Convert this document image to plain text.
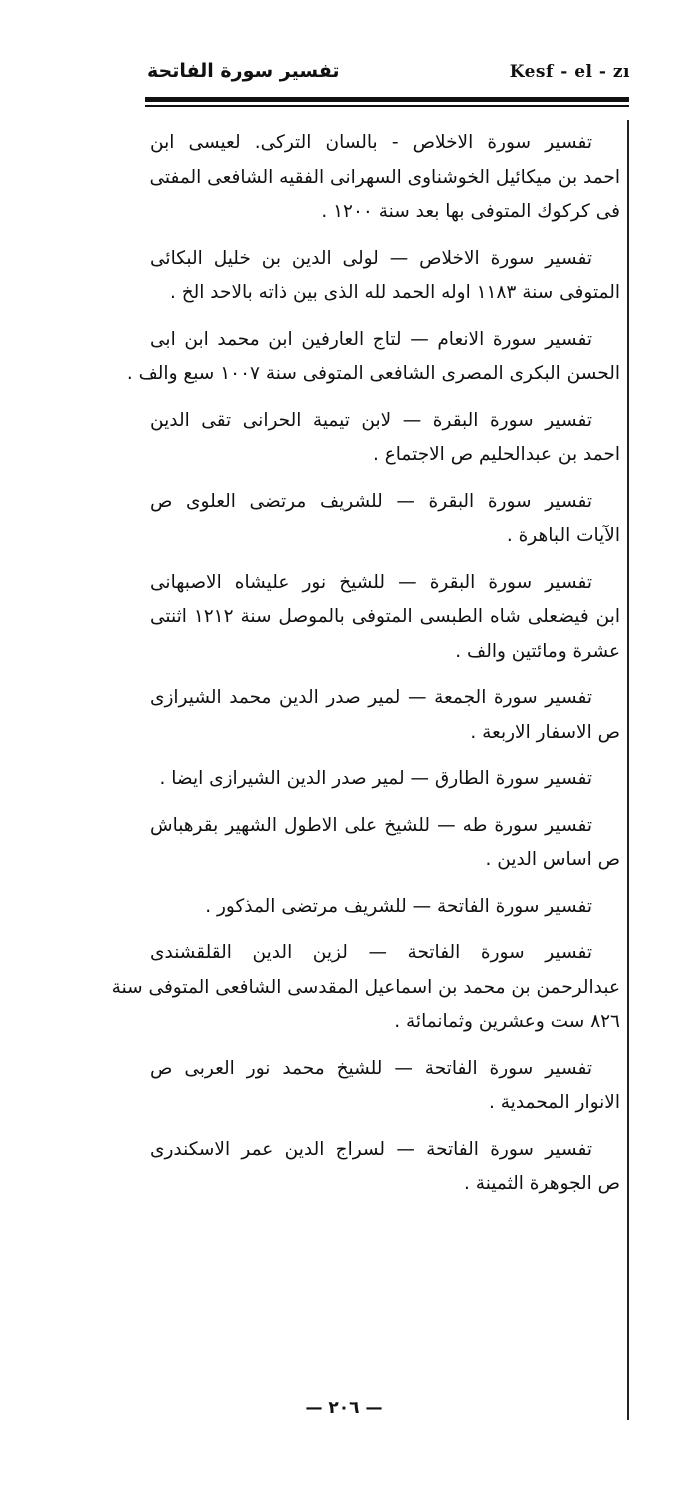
تفسير سورة الفاتحة	Kesf - el - zı
تفسير سورة الاخلاص - بالسان التركى. لعيسى ابن
احمد بن ميكائيل الخوشناوى السهرانى الفقيه الشافعى المفتى
فى كركوك المتوفى بها بعد سنة ١٢٠٠ .
تفسير سورة الاخلاص — لولى الدين بن خليل البكائى
المتوفى سنة ١١٨٣ اوله الحمد لله الذى بين ذاته بالاحد الخ .
تفسير سورة الانعام — لتاج العارفين ابن محمد ابن ابى
الحسن البكرى المصرى الشافعى المتوفى سنة ١٠٠٧ سبع والف .
تفسير سورة البقرة — لابن تيمية الحرانى تقى الدين
احمد بن عبدالحليم ص الاجتماع .
تفسير سورة البقرة — للشريف مرتضى العلوى ص
الآيات الباهرة .
تفسير سورة البقرة — للشيخ نور عليشاه الاصبهانى
ابن فيضعلى شاه الطبسى المتوفى بالموصل سنة ١٢١٢ اثنتى
عشرة ومائتين والف .
تفسير سورة الجمعة — لمير صدر الدين محمد الشيرازى
ص الاسفار الاربعة .
تفسير سورة الطارق — لمير صدر الدين الشيرازى ايضا .
تفسير سورة طه — للشيخ على الاطول الشهير بقرهباش
ص اساس الدين .
تفسير سورة الفاتحة — للشريف مرتضى المذكور .
تفسير سورة الفاتحة — لزين الدين القلقشندى
عبدالرحمن بن محمد بن اسماعيل المقدسى الشافعى المتوفى سنة
٨٢٦ ست وعشرين وثمانمائة .
تفسير سورة الفاتحة — للشيخ محمد نور العربى ص
الانوار المحمدية .
تفسير سورة الفاتحة — لسراج الدين عمر الاسكندرى
ص الجوهرة الثمينة .
— ٢٠٦ —
